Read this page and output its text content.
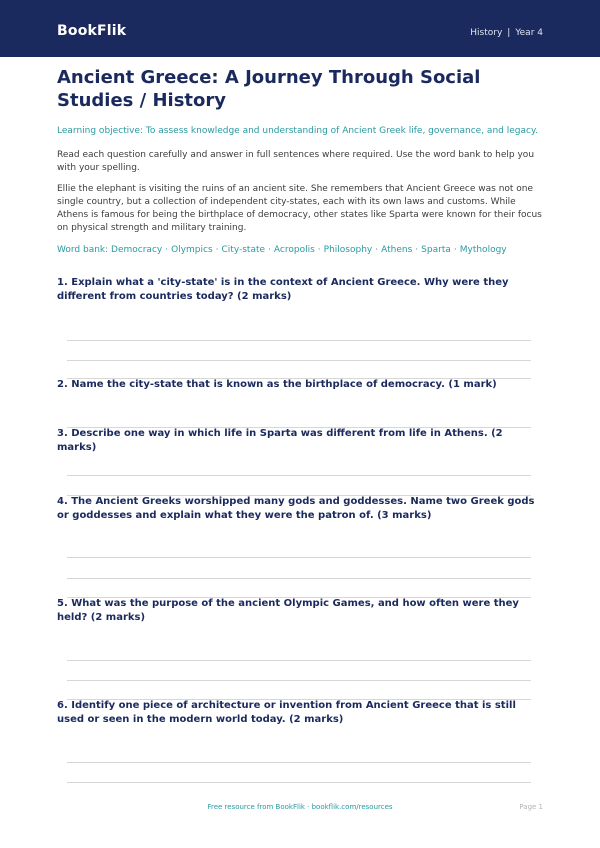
BookFlik	History | Year 4
Ancient Greece: A Journey Through Social Studies / History
Learning objective: To assess knowledge and understanding of Ancient Greek life, governance, and legacy.
Read each question carefully and answer in full sentences where required. Use the word bank to help you with your spelling.
Ellie the elephant is visiting the ruins of an ancient site. She remembers that Ancient Greece was not one single country, but a collection of independent city-states, each with its own laws and customs. While Athens is famous for being the birthplace of democracy, other states like Sparta were known for their focus on physical strength and military training.
Word bank: Democracy · Olympics · City-state · Acropolis · Philosophy · Athens · Sparta · Mythology
1. Explain what a 'city-state' is in the context of Ancient Greece. Why were they different from countries today? (2 marks)
2. Name the city-state that is known as the birthplace of democracy. (1 mark)
3. Describe one way in which life in Sparta was different from life in Athens. (2 marks)
4. The Ancient Greeks worshipped many gods and goddesses. Name two Greek gods or goddesses and explain what they were the patron of. (3 marks)
5. What was the purpose of the ancient Olympic Games, and how often were they held? (2 marks)
6. Identify one piece of architecture or invention from Ancient Greece that is still used or seen in the modern world today. (2 marks)
Free resource from BookFlik · bookflik.com/resources	Page 1
